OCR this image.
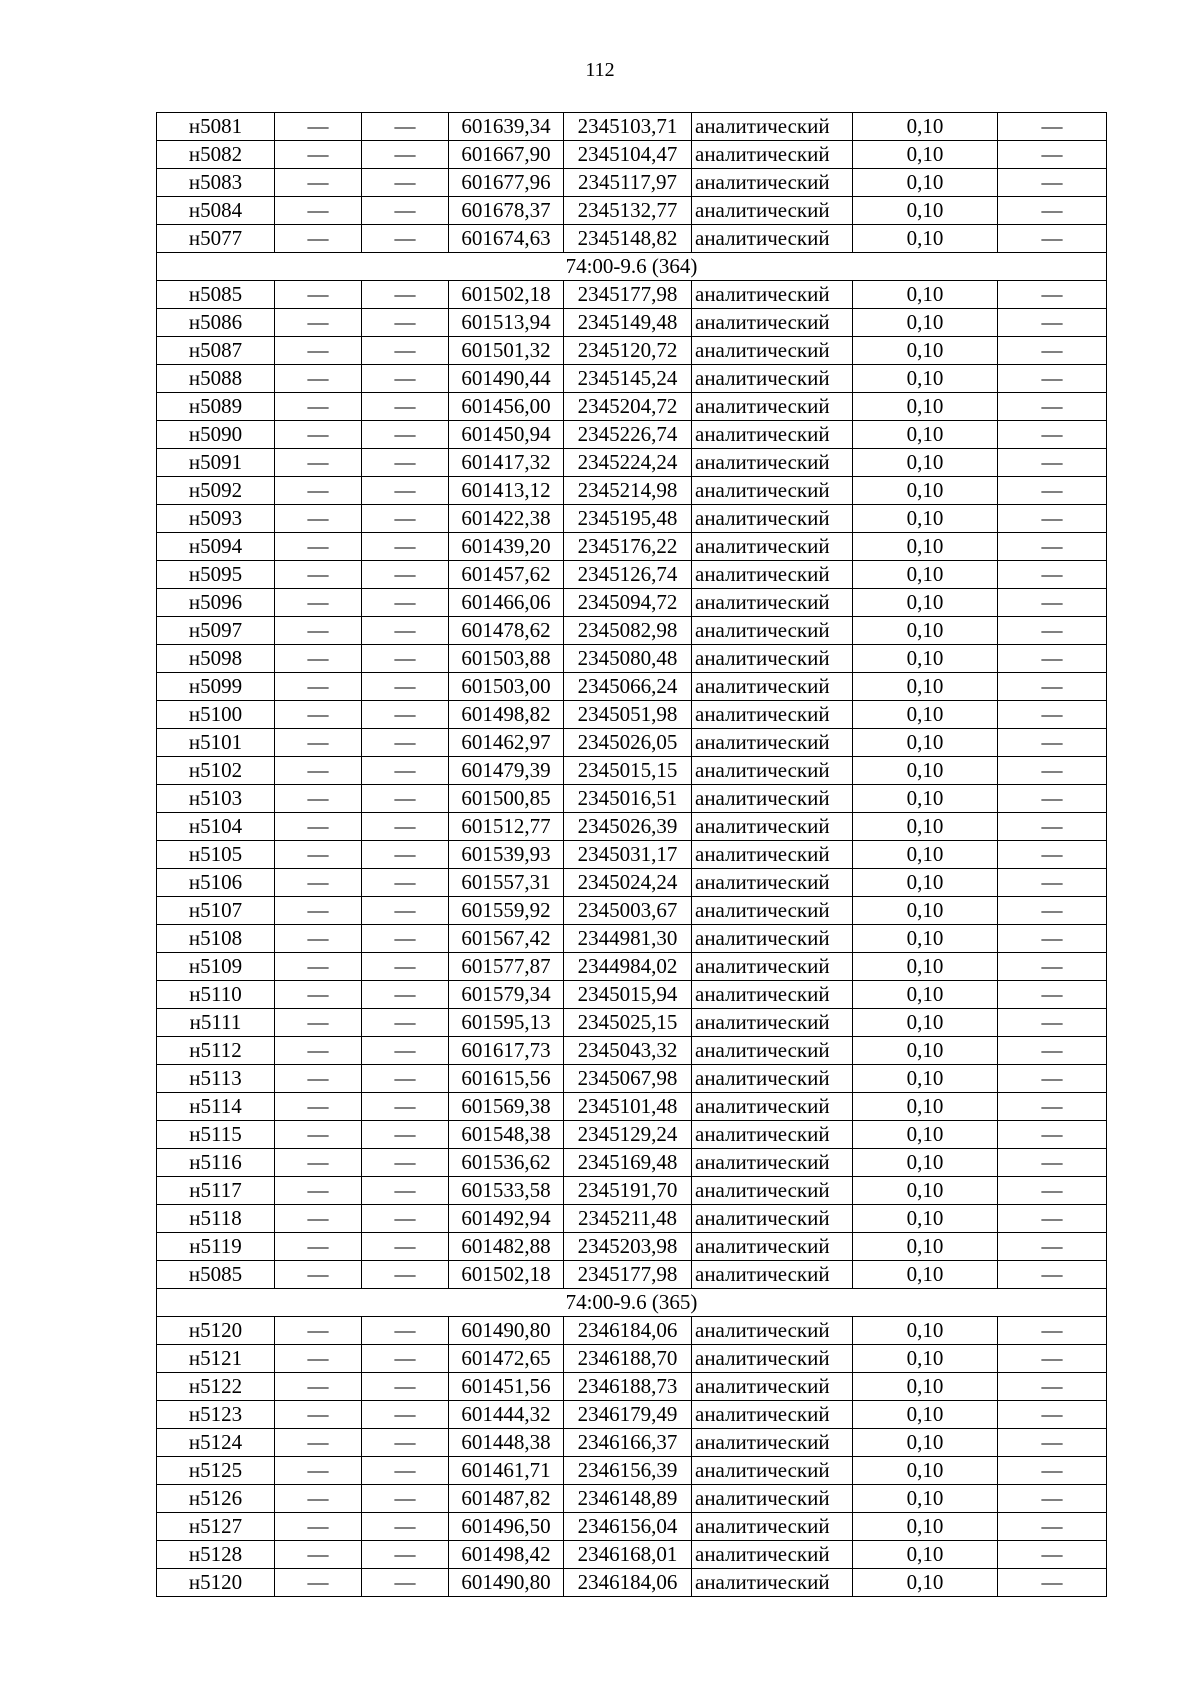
112
н5081	—	—	601639,34	2345103,71	аналитический	0,10	—
н5082	—	—	601667,90	2345104,47	аналитический	0,10	—
н5083	—	—	601677,96	2345117,97	аналитический	0,10	—
н5084	—	—	601678,37	2345132,77	аналитический	0,10	—
н5077	—	—	601674,63	2345148,82	аналитический	0,10	—
74:00-9.6 (364)							
н5085	—	—	601502,18	2345177,98	аналитический	0,10	—
н5086	—	—	601513,94	2345149,48	аналитический	0,10	—
н5087	—	—	601501,32	2345120,72	аналитический	0,10	—
н5088	—	—	601490,44	2345145,24	аналитический	0,10	—
н5089	—	—	601456,00	2345204,72	аналитический	0,10	—
н5090	—	—	601450,94	2345226,74	аналитический	0,10	—
н5091	—	—	601417,32	2345224,24	аналитический	0,10	—
н5092	—	—	601413,12	2345214,98	аналитический	0,10	—
н5093	—	—	601422,38	2345195,48	аналитический	0,10	—
н5094	—	—	601439,20	2345176,22	аналитический	0,10	—
н5095	—	—	601457,62	2345126,74	аналитический	0,10	—
н5096	—	—	601466,06	2345094,72	аналитический	0,10	—
н5097	—	—	601478,62	2345082,98	аналитический	0,10	—
н5098	—	—	601503,88	2345080,48	аналитический	0,10	—
н5099	—	—	601503,00	2345066,24	аналитический	0,10	—
н5100	—	—	601498,82	2345051,98	аналитический	0,10	—
н5101	—	—	601462,97	2345026,05	аналитический	0,10	—
н5102	—	—	601479,39	2345015,15	аналитический	0,10	—
н5103	—	—	601500,85	2345016,51	аналитический	0,10	—
н5104	—	—	601512,77	2345026,39	аналитический	0,10	—
н5105	—	—	601539,93	2345031,17	аналитический	0,10	—
н5106	—	—	601557,31	2345024,24	аналитический	0,10	—
н5107	—	—	601559,92	2345003,67	аналитический	0,10	—
н5108	—	—	601567,42	2344981,30	аналитический	0,10	—
н5109	—	—	601577,87	2344984,02	аналитический	0,10	—
н5110	—	—	601579,34	2345015,94	аналитический	0,10	—
н5111	—	—	601595,13	2345025,15	аналитический	0,10	—
н5112	—	—	601617,73	2345043,32	аналитический	0,10	—
н5113	—	—	601615,56	2345067,98	аналитический	0,10	—
н5114	—	—	601569,38	2345101,48	аналитический	0,10	—
н5115	—	—	601548,38	2345129,24	аналитический	0,10	—
н5116	—	—	601536,62	2345169,48	аналитический	0,10	—
н5117	—	—	601533,58	2345191,70	аналитический	0,10	—
н5118	—	—	601492,94	2345211,48	аналитический	0,10	—
н5119	—	—	601482,88	2345203,98	аналитический	0,10	—
н5085	—	—	601502,18	2345177,98	аналитический	0,10	—
74:00-9.6 (365)							
н5120	—	—	601490,80	2346184,06	аналитический	0,10	—
н5121	—	—	601472,65	2346188,70	аналитический	0,10	—
н5122	—	—	601451,56	2346188,73	аналитический	0,10	—
н5123	—	—	601444,32	2346179,49	аналитический	0,10	—
н5124	—	—	601448,38	2346166,37	аналитический	0,10	—
н5125	—	—	601461,71	2346156,39	аналитический	0,10	—
н5126	—	—	601487,82	2346148,89	аналитический	0,10	—
н5127	—	—	601496,50	2346156,04	аналитический	0,10	—
н5128	—	—	601498,42	2346168,01	аналитический	0,10	—
н5120	—	—	601490,80	2346184,06	аналитический	0,10	—
